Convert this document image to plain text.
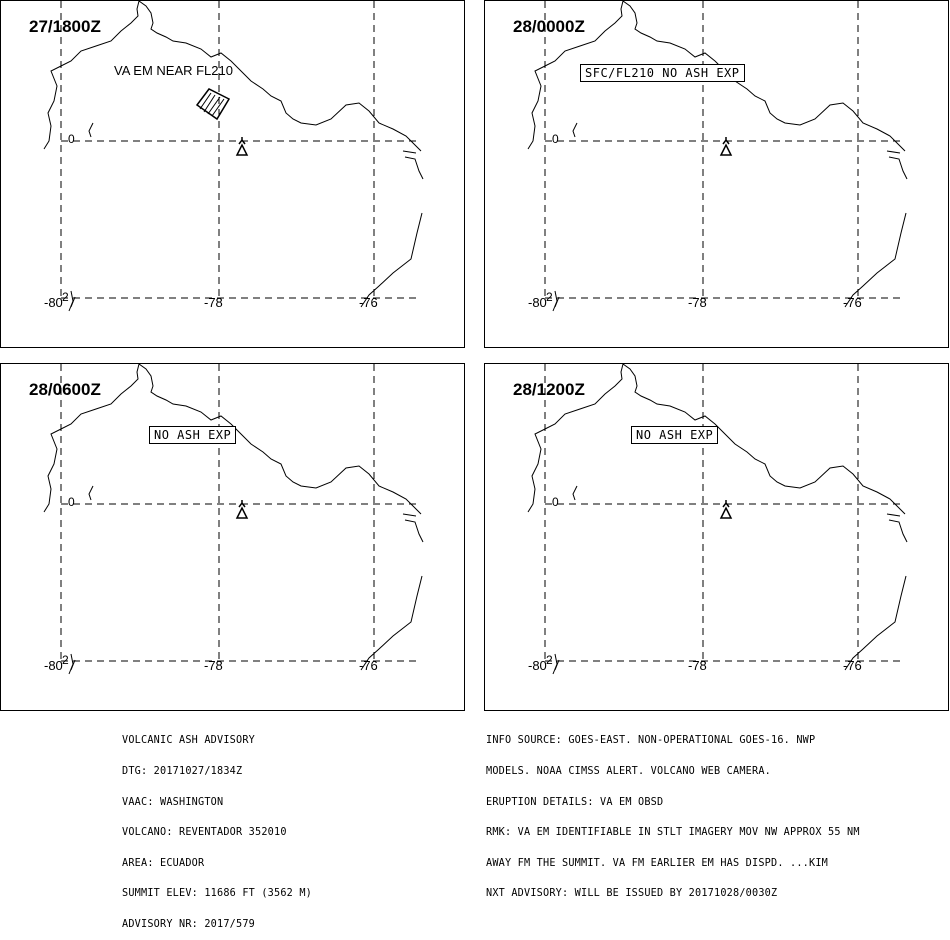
27/1800Z
VA EM NEAR FL210
0
2
-80	-78	-76
28/0000Z
SFC/FL210 NO ASH EXP
0
2
-80	-78	-76
28/0600Z
NO ASH EXP
0
2
-80	-78	-76
28/1200Z
NO ASH EXP
0
2
-80	-78	-76

VOLCANIC ASH ADVISORY

DTG: 20171027/1834Z

VAAC: WASHINGTON

VOLCANO: REVENTADOR 352010

AREA: ECUADOR

SUMMIT ELEV: 11686 FT (3562 M)

ADVISORY NR: 2017/579

INFO SOURCE: GOES-EAST. NON-OPERATIONAL GOES-16. NWP

MODELS. NOAA CIMSS ALERT. VOLCANO WEB CAMERA.

ERUPTION DETAILS: VA EM OBSD

RMK: VA EM IDENTIFIABLE IN STLT IMAGERY MOV NW APPROX 55 NM

AWAY FM THE SUMMIT. VA FM EARLIER EM HAS DISPD. ...KIM

NXT ADVISORY: WILL BE ISSUED BY 20171028/0030Z
